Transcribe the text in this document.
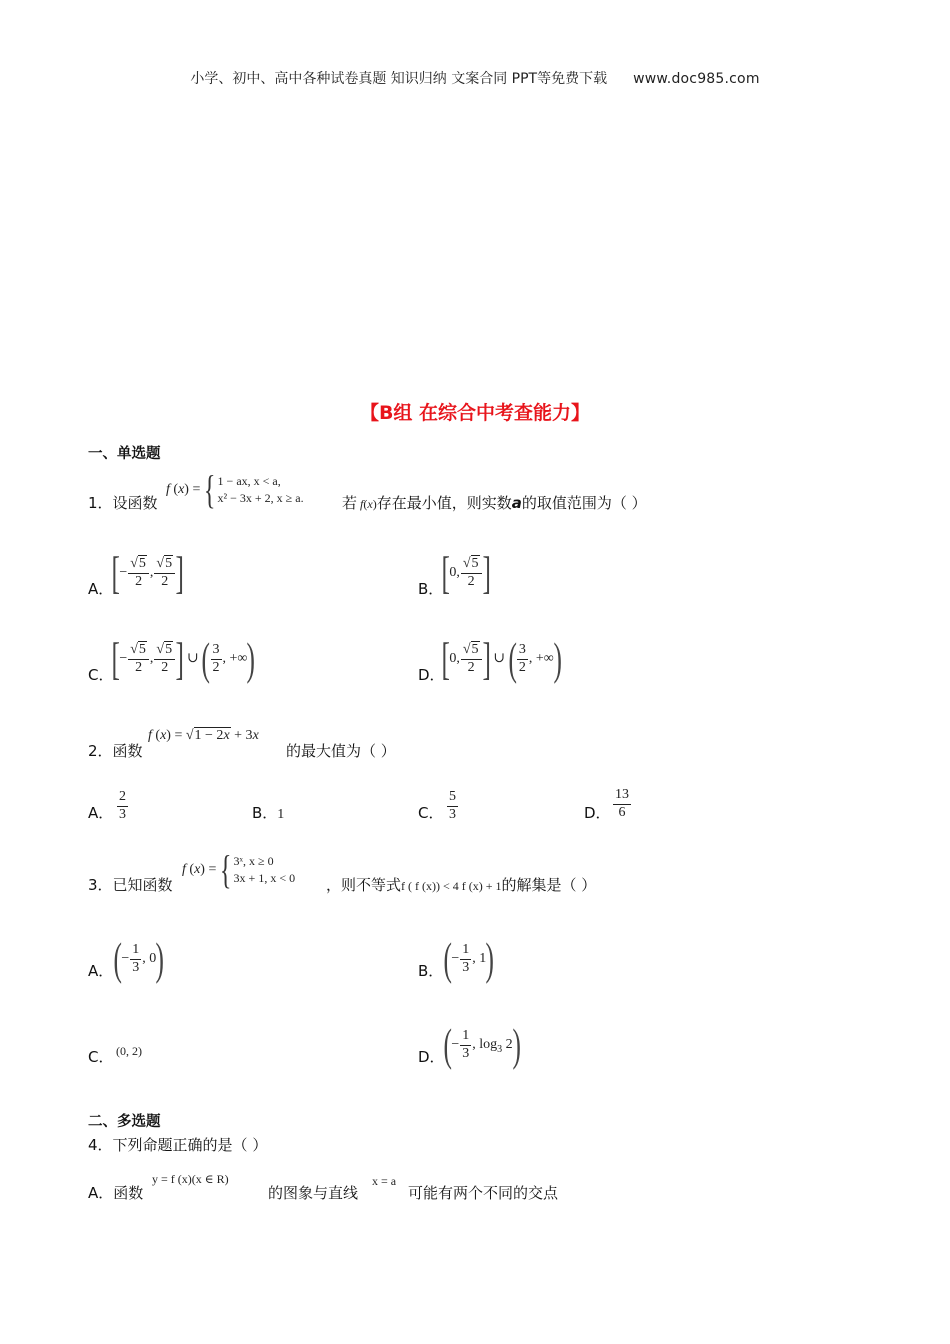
小学、初中、高中各种试卷真题 知识归纳 文案合同 PPT等免费下载 www.doc985.com
【B组 在综合中考查能力】
一、单选题
1．设函数
f (x) = { 1 − ax, x < a,
x² − 3x + 2, x ≥ a.	若 f(x)存在最小值，则实数a的取值范围为（ ）
A．
[− $\frac{√5}{2}$ , $\frac{√5}{2}$ ]	B．
[0, $\frac{√5}{2}$ ]
C．
[− $\frac{√5}{2}$ , $\frac{√5}{2}$ ] ∪ ( $\frac{3}{2}$ , +∞)	D．
[0, $\frac{√5}{2}$ ] ∪ ( $\frac{3}{2}$ , +∞)
2．函数
f (x) = √1 − 2x + 3x
的最大值为（ ）
A． $\frac{2}{3}$	B．1	C． $\frac{5}{3}$	D． $\frac{13}{6}$
3．已知函数
f (x) = { 3ˣ, x ≥ 0
3x + 1, x < 0 ，则不等式f ( f (x)) < 4 f (x) + 1的解集是（ ）
A． (− $\frac{1}{3}$ , 0)	B． (− $\frac{1}{3}$ , 1)
C． (0, 2)	D．
(− $\frac{1}{3}$ , $\log_3 2$)
二、多选题
4．下列命题正确的是（ ）
A．函数
y = f (x)(x ∈ R)
的图象与直线
x = a
可能有两个不同的交点
